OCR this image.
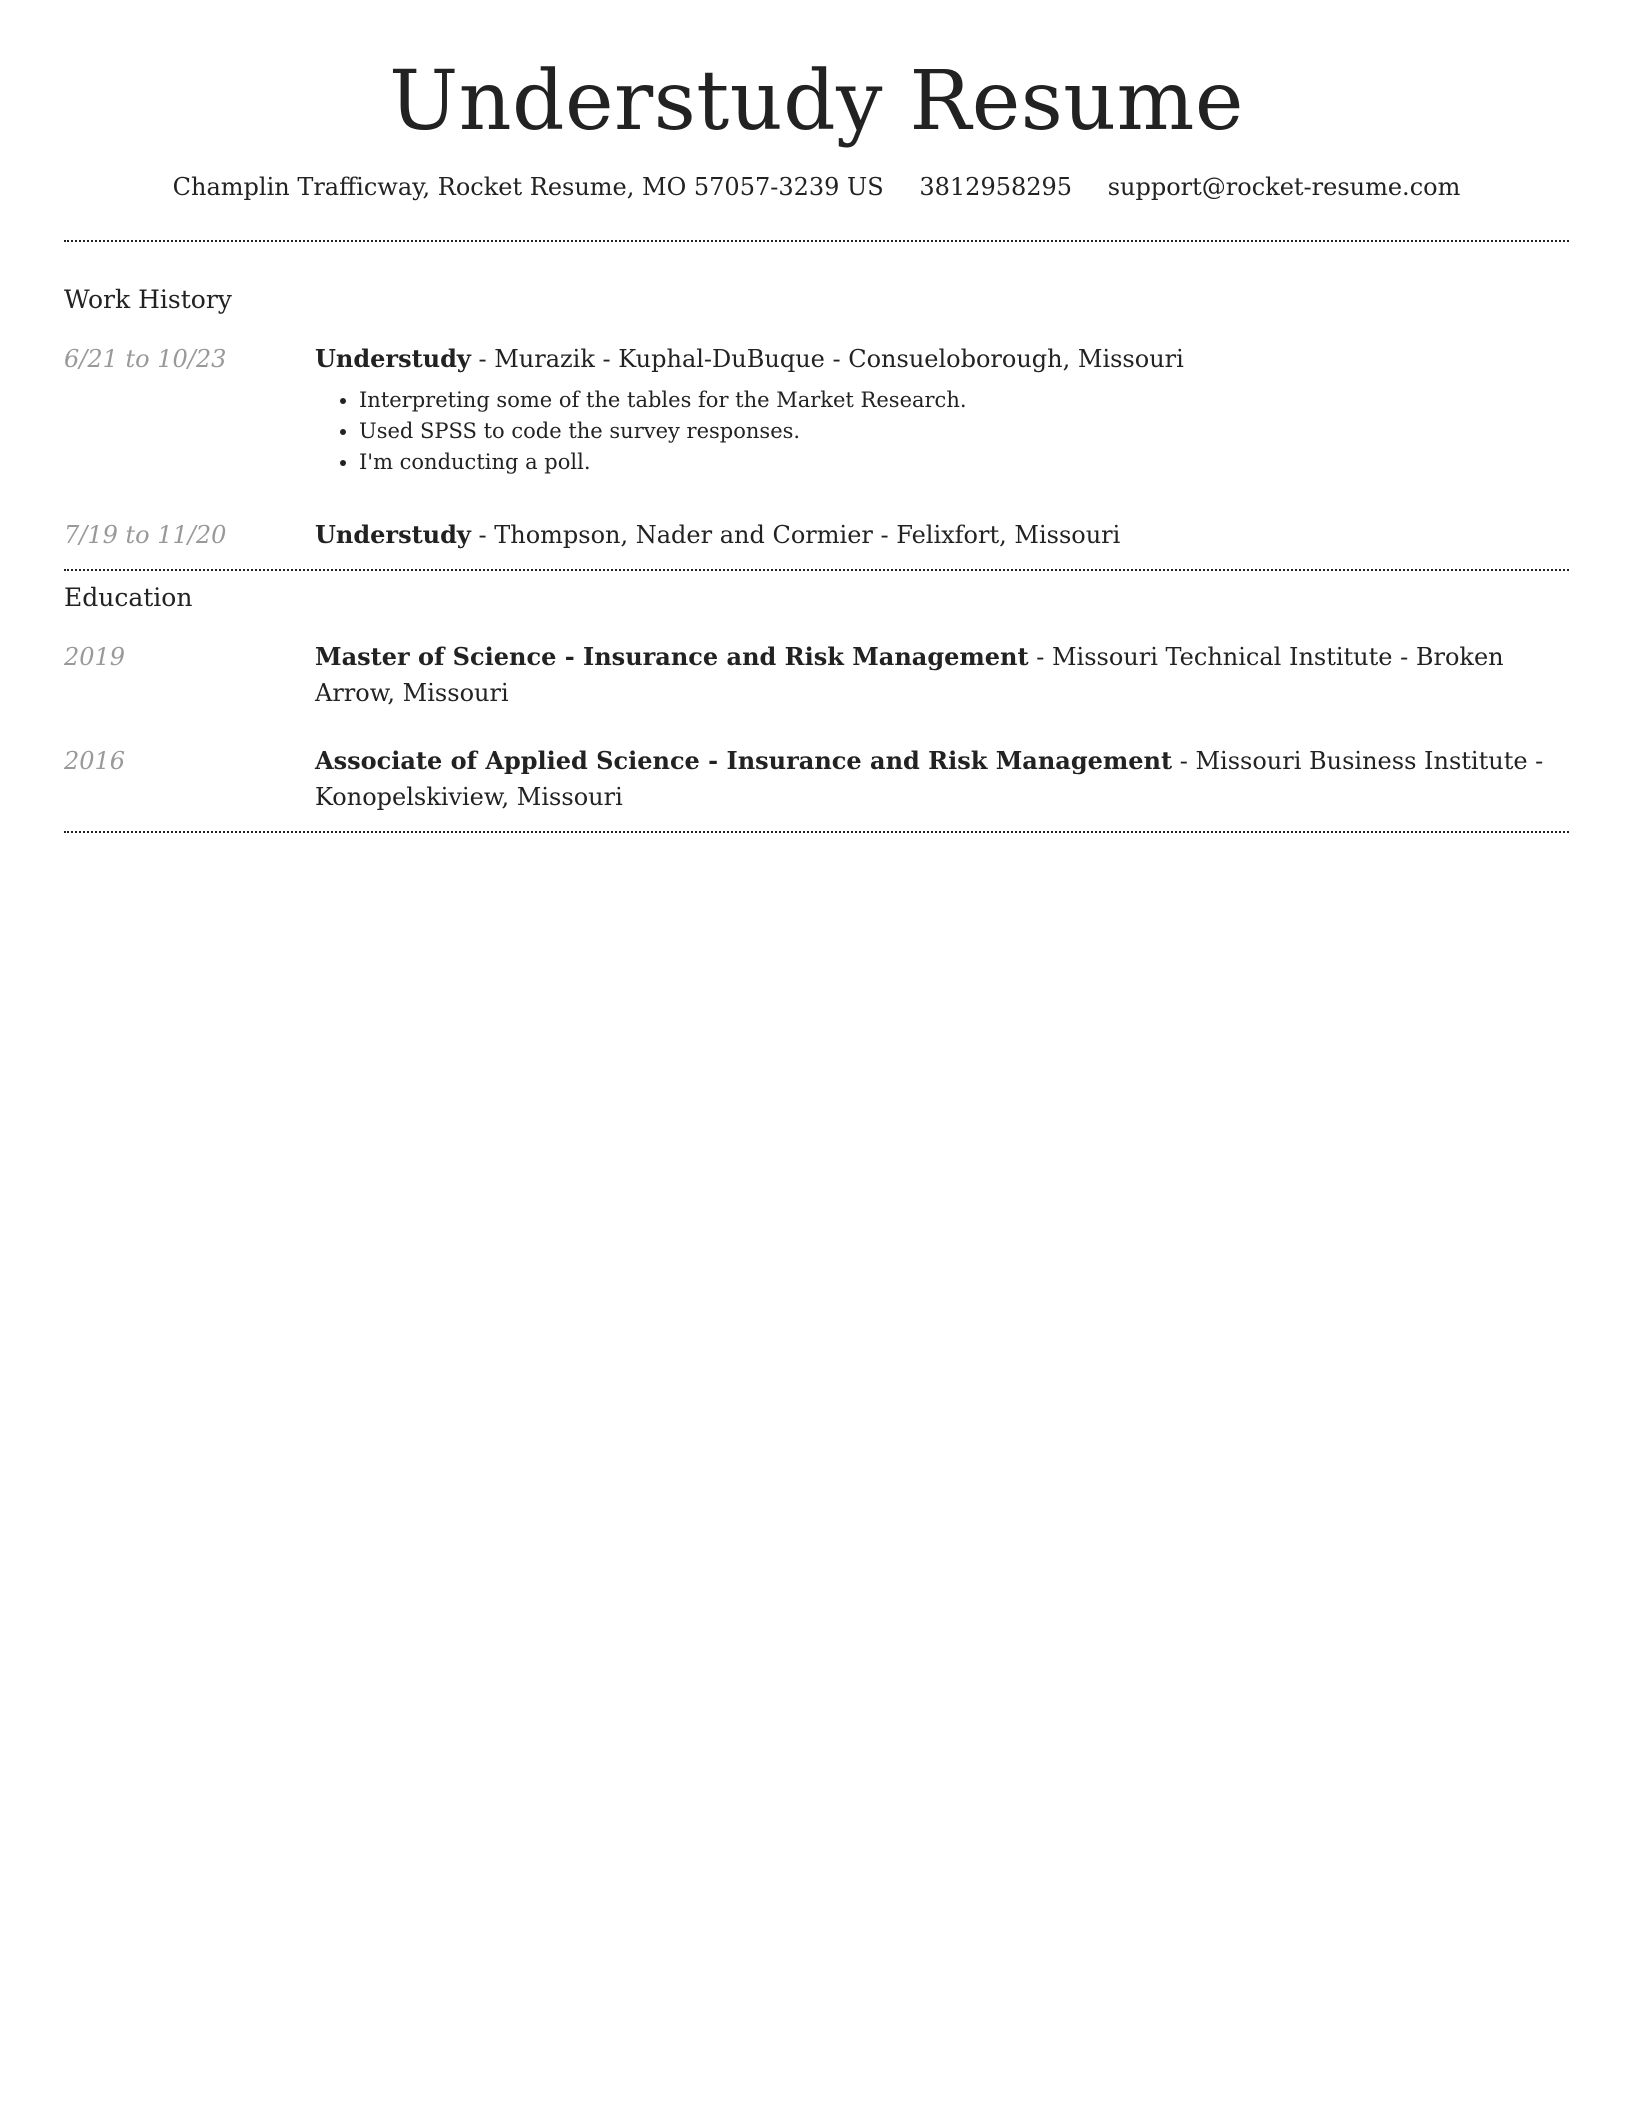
Understudy Resume
Champlin Trafficway, Rocket Resume, MO 57057-3239 US 3812958295 support@rocket-resume.com
Work History
6/21 to 10/23	Understudy - Murazik - Kuphal-DuBuque - Consueloborough, Missouri
• Interpreting some of the tables for the Market Research.
• Used SPSS to code the survey responses.
• I'm conducting a poll.
7/19 to 11/20	Understudy - Thompson, Nader and Cormier - Felixfort, Missouri
Education
2019	Master of Science - Insurance and Risk Management - Missouri Technical Institute - Broken Arrow, Missouri
2016	Associate of Applied Science - Insurance and Risk Management - Missouri Business Institute - Konopelskiview, Missouri
